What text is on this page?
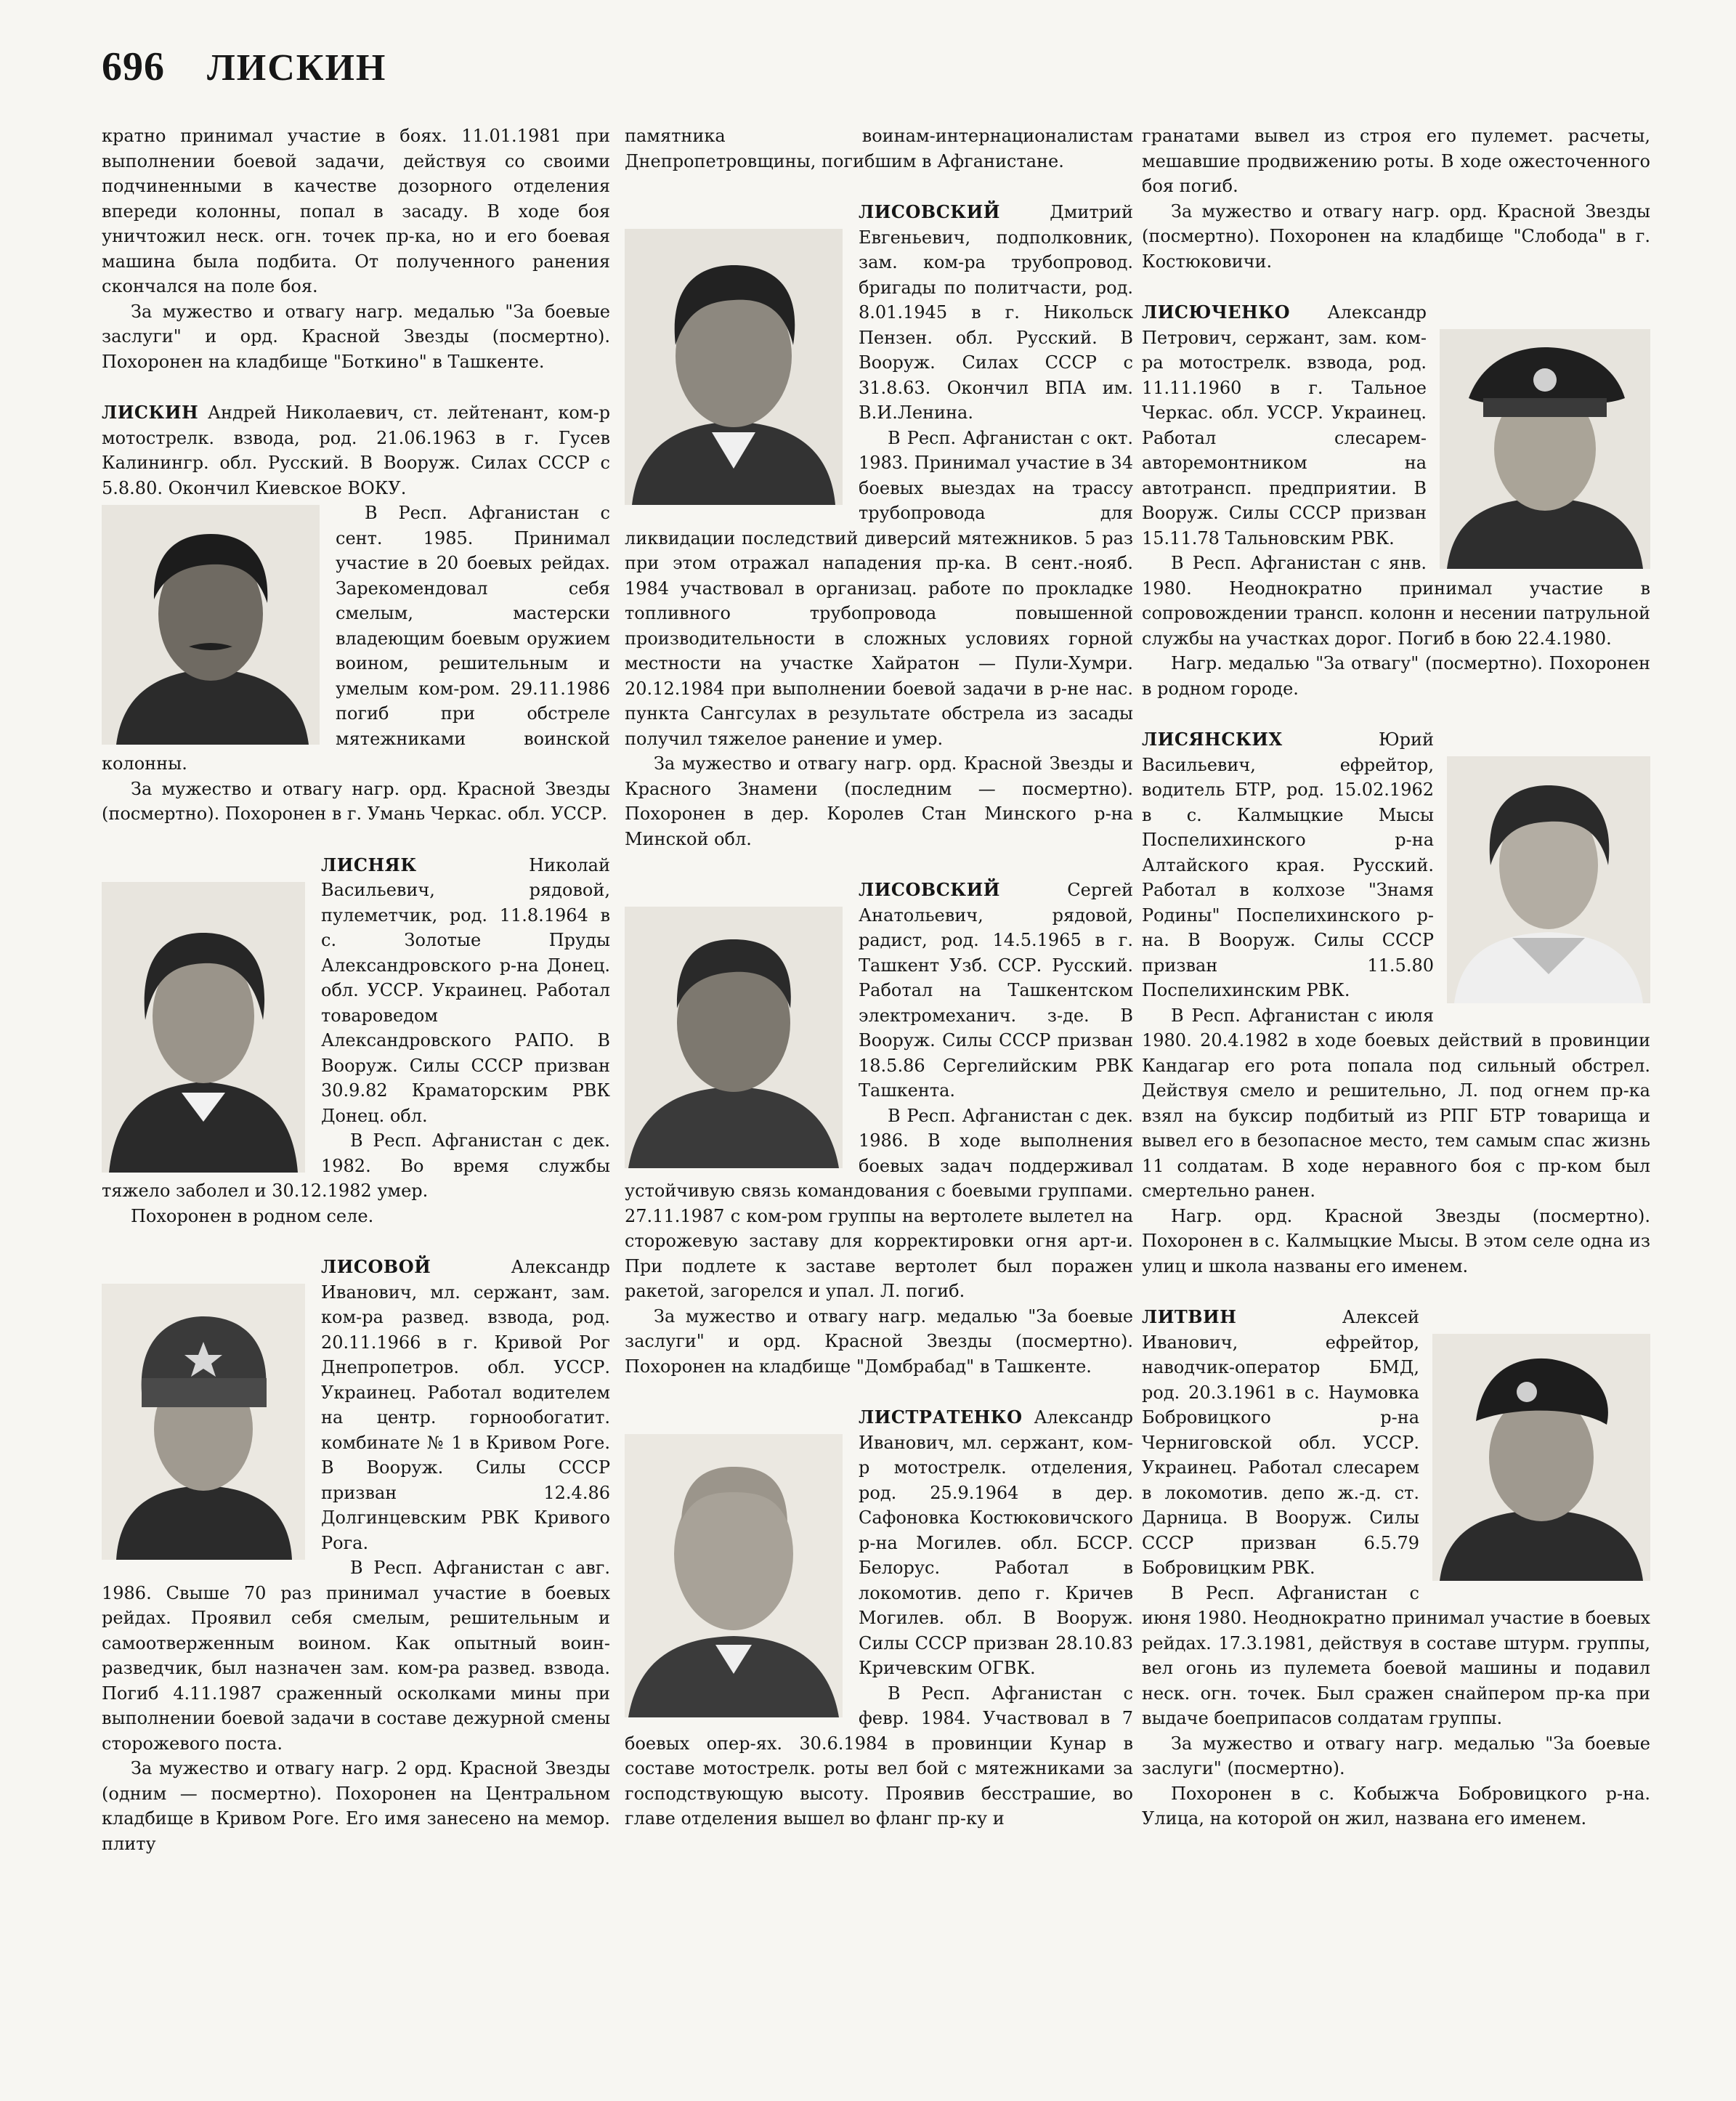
696 ЛИСКИН

кратно принимал участие в боях. 11.01.1981 при выполнении боевой задачи, действуя со своими подчиненными в качестве дозорного отделения впереди колонны, попал в засаду. В ходе боя уничтожил неск. огн. точек пр-ка, но и его боевая машина была подбита. От полученного ранения скончался на поле боя.

За мужество и отвагу нагр. медалью "За боевые заслуги" и орд. Красной Звезды (посмертно). Похоронен на кладбище "Боткино" в Ташкенте.

ЛИСКИН Андрей Николаевич, ст. лейтенант, ком-р мотострелк. взвода, род. 21.06.1963 в г. Гусев Калинингр. обл. Русский. В Вооруж. Силах СССР с 5.8.80. Окончил Киевское ВОКУ.

В Респ. Афганистан с сент. 1985. Принимал участие в 20 боевых рейдах. Зарекомендовал себя смелым, мастерски владеющим боевым оружием воином, решительным и умелым ком-ром. 29.11.1986 погиб при обстреле мятежниками воинской колонны.

За мужество и отвагу нагр. орд. Красной Звезды (посмертно). Похоронен в г. Умань Черкас. обл. УССР.

ЛИСНЯК	Николай Васильевич, рядовой, пулеметчик, род. 11.8.1964 в с. Золотые Пруды Александровского р-на Донец. обл. УССР. Украинец. Работал товароведом Александровского РАПО. В Вооруж. Силы СССР призван 30.9.82 Краматорским РВК Донец. обл.

В Респ. Афганистан с дек. 1982. Во время службы тяжело заболел и 30.12.1982 умер.

Похоронен в родном селе.

ЛИСОВОЙ	Александр Иванович, мл. сержант, зам. ком-ра развед. взвода, род. 20.11.1966 в г. Кривой Рог Днепропетров. обл. УССР. Украинец. Работал водителем на центр. горнообогатит. комбинате № 1 в Кривом Роге. В Вооруж. Силы СССР призван 12.4.86 Долгинцевским РВК Кривого Рога.

В Респ. Афганистан с авг. 1986. Свыше 70 раз принимал участие в боевых рейдах. Проявил себя смелым, решительным и самоотверженным воином. Как опытный воин-разведчик, был назначен зам. ком-ра развед. взвода. Погиб 4.11.1987 сраженный осколками мины при выполнении боевой задачи в составе дежурной смены сторожевого поста.

За мужество и отвагу нагр. 2 орд. Красной Звезды (одним — посмертно). Похоронен на Центральном кладбище в Кривом Роге. Его имя занесено на мемор. плиту

памятника воинам-интернационалистам Днепропетровщины, погибшим в Афганистане.

ЛИСОВСКИЙ	Дмитрий Евгеньевич, подполковник, зам. ком-ра трубопровод. бригады по политчасти, род. 8.01.1945 в г. Никольск Пензен. обл. Русский. В Вооруж. Силах СССР с 31.8.63. Окончил ВПА им. В.И.Ленина.

В Респ. Афганистан с окт. 1983. Принимал участие в 34 боевых выездах на трассу трубопровода для ликвидации последствий диверсий мятежников. 5 раз при этом отражал нападения пр-ка. В сент.-нояб. 1984 участвовал в организац. работе по прокладке топливного трубопровода повышенной производительности в сложных условиях горной местности на участке Хайратон — Пули-Хумри. 20.12.1984 при выполнении боевой задачи в р-не нас. пункта Сангсулах в результате обстрела из засады получил тяжелое ранение и умер.

За мужество и отвагу нагр. орд. Красной Звезды и Красного Знамени (последним — посмертно). Похоронен в дер. Королев Стан Минского р-на Минской обл.

ЛИСОВСКИЙ	Сергей Анатольевич, рядовой, радист, род. 14.5.1965 в г. Ташкент Узб. ССР. Русский. Работал на Ташкентском электромеханич. з-де. В Вооруж. Силы СССР призван 18.5.86 Сергелийским РВК Ташкента.

В Респ. Афганистан с дек. 1986. В ходе выполнения боевых задач поддерживал устойчивую связь командования с боевыми группами. 27.11.1987 с ком-ром группы на вертолете вылетел на сторожевую заставу для корректировки огня арт-и. При подлете к заставе вертолет был поражен ракетой, загорелся и упал. Л. погиб.

За мужество и отвагу нагр. медалью "За боевые заслуги" и орд. Красной Звезды (посмертно). Похоронен на кладбище "Домбрабад" в Ташкенте.

ЛИСТРАТЕНКО Александр Иванович, мл. сержант, ком-р мотострелк. отделения, род. 25.9.1964 в дер. Сафоновка Костюковичского р-на Могилев. обл. БССР. Белорус. Работал в локомотив. депо г. Кричев Могилев. обл. В Вооруж. Силы СССР призван 28.10.83 Кричевским ОГВК.

В Респ. Афганистан с февр. 1984. Участвовал в 7 боевых опер-ях. 30.6.1984 в провинции Кунар в составе мотострелк. роты вел бой с мятежниками за господствующую высоту. Проявив бесстрашие, во главе отделения вышел во фланг пр-ку и

гранатами вывел из строя его пулемет. расчеты, мешавшие продвижению роты. В ходе ожесточенного боя погиб.

За мужество и отвагу нагр. орд. Красной Звезды (посмертно). Похоронен на кладбище "Слобода" в г. Костюковичи.

ЛИСЮЧЕНКО Александр Петрович, сержант, зам. ком-ра мотострелк. взвода, род. 11.11.1960 в г. Тальное Черкас. обл. УССР. Украинец. Работал слесарем-авторемонтником на автотрансп. предприятии. В Вооруж. Силы СССР призван 15.11.78 Тальновским РВК.

В Респ. Афганистан с янв. 1980. Неоднократно принимал участие в сопровождении трансп. колонн и несении патрульной службы на участках дорог. Погиб в бою 22.4.1980.

Нагр. медалью "За отвагу" (посмертно). Похоронен в родном городе.

ЛИСЯНСКИХ	Юрий Васильевич, ефрейтор, водитель БТР, род. 15.02.1962 в с. Калмыцкие Мысы Поспелихинского р-на Алтайского края. Русский. Работал в колхозе "Знамя Родины" Поспелихинского р-на. В Вооруж. Силы СССР призван 11.5.80 Поспелихинским РВК.

В Респ. Афганистан с июля 1980. 20.4.1982 в ходе боевых действий в провинции Кандагар его рота попала под сильный обстрел. Действуя смело и решительно, Л. под огнем пр-ка взял на буксир подбитый из РПГ БТР товарища и вывел его в безопасное место, тем самым спас жизнь 11 солдатам. В ходе неравного боя с пр-ком был смертельно ранен.

Нагр. орд. Красной Звезды (посмертно). Похоронен в с. Калмыцкие Мысы. В этом селе одна из улиц и школа названы его именем.

ЛИТВИН	Алексей Иванович, ефрейтор, наводчик-оператор БМД, род. 20.3.1961 в с. Наумовка Бобровицкого р-на Черниговской обл. УССР. Украинец. Работал слесарем в локомотив. депо ж.-д. ст. Дарница. В Вооруж. Силы СССР призван 6.5.79 Бобровицким РВК.

В Респ. Афганистан с июня 1980. Неоднократно принимал участие в боевых рейдах. 17.3.1981, действуя в составе штурм. группы, вел огонь из пулемета боевой машины и подавил неск. огн. точек. Был сражен снайпером пр-ка при выдаче боеприпасов солдатам группы.

За мужество и отвагу нагр. медалью "За боевые заслуги" (посмертно).

Похоронен в с. Кобыжча Бобровицкого р-на. Улица, на которой он жил, названа его именем.
